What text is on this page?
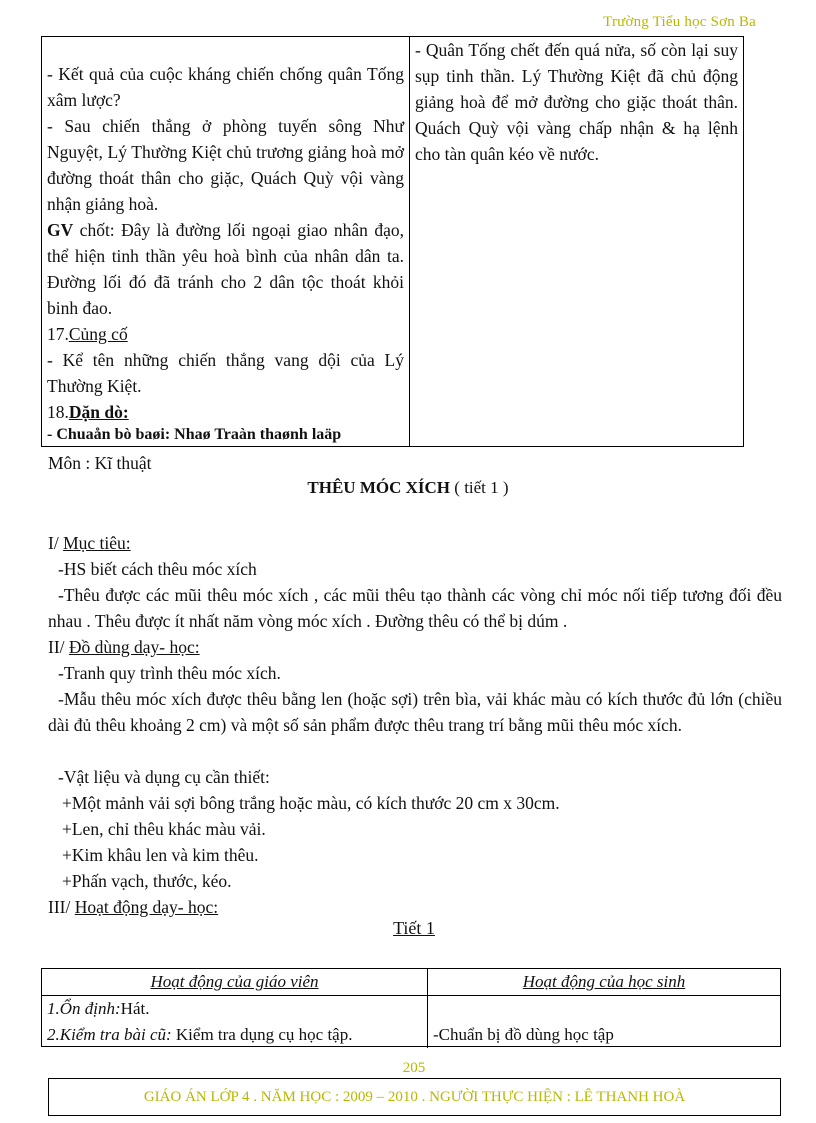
Trường Tiểu học Sơn Ba
- Kết quả của cuộc kháng chiến chống quân Tống xâm lược?
- Sau chiến thắng ở phòng tuyến sông Như Nguyệt, Lý Thường Kiệt chủ trương giảng hoà mở đường thoát thân cho giặc, Quách Quỳ vội vàng nhận giảng hoà.
GV chốt: Đây là đường lối ngoại giao nhân đạo, thể hiện tinh thần yêu hoà bình của nhân dân ta. Đường lối đó đã tránh cho 2 dân tộc thoát khỏi binh đao.
17.Củng cố
- Kể tên những chiến thắng vang dội của Lý Thường Kiệt.
18.Dặn dò:
- Chuaån bò baøi: Nhaø Traàn thaønh laäp
- Quân Tống chết đến quá nửa, số còn lại suy sụp tinh thần. Lý Thường Kiệt đã chủ động giảng hoà để mở đường cho giặc thoát thân. Quách Quỳ vội vàng chấp nhận & hạ lệnh cho tàn quân kéo về nước.
Môn : Kĩ thuật
THÊU MÓC XÍCH ( tiết 1 )
I/ Mục tiêu:
-HS biết cách thêu móc xích
-Thêu được các mũi thêu móc xích , các mũi thêu tạo thành các vòng chỉ móc nối tiếp tương đối đều nhau . Thêu được ít nhất năm vòng móc xích . Đường thêu có thể bị dúm .
II/ Đồ dùng dạy- học:
-Tranh quy trình thêu móc xích.
-Mẫu thêu móc xích được thêu bằng len (hoặc sợi) trên bìa, vải khác màu có kích thước đủ lớn (chiều dài đủ thêu khoảng 2 cm) và một số sản phẩm được thêu trang trí bằng mũi thêu móc xích.
-Vật liệu và dụng cụ cần thiết:
+Một mảnh vải sợi bông trắng hoặc màu, có kích thước 20 cm x 30cm.
+Len, chỉ thêu khác màu vải.
+Kim khâu len và kim thêu.
+Phấn vạch, thước, kéo.
III/ Hoạt động dạy- học:
Tiết 1
Hoạt động của giáo viên	Hoạt động của học sinh
1.Ổn định:Hát.
2.Kiểm tra bài cũ: Kiểm tra dụng cụ học tập.	-Chuẩn bị đồ dùng học tập
205
GIÁO ÁN LỚP 4 . NĂM HỌC : 2009 – 2010 . NGƯỜI THỰC HIỆN : LÊ THANH HOÀ
